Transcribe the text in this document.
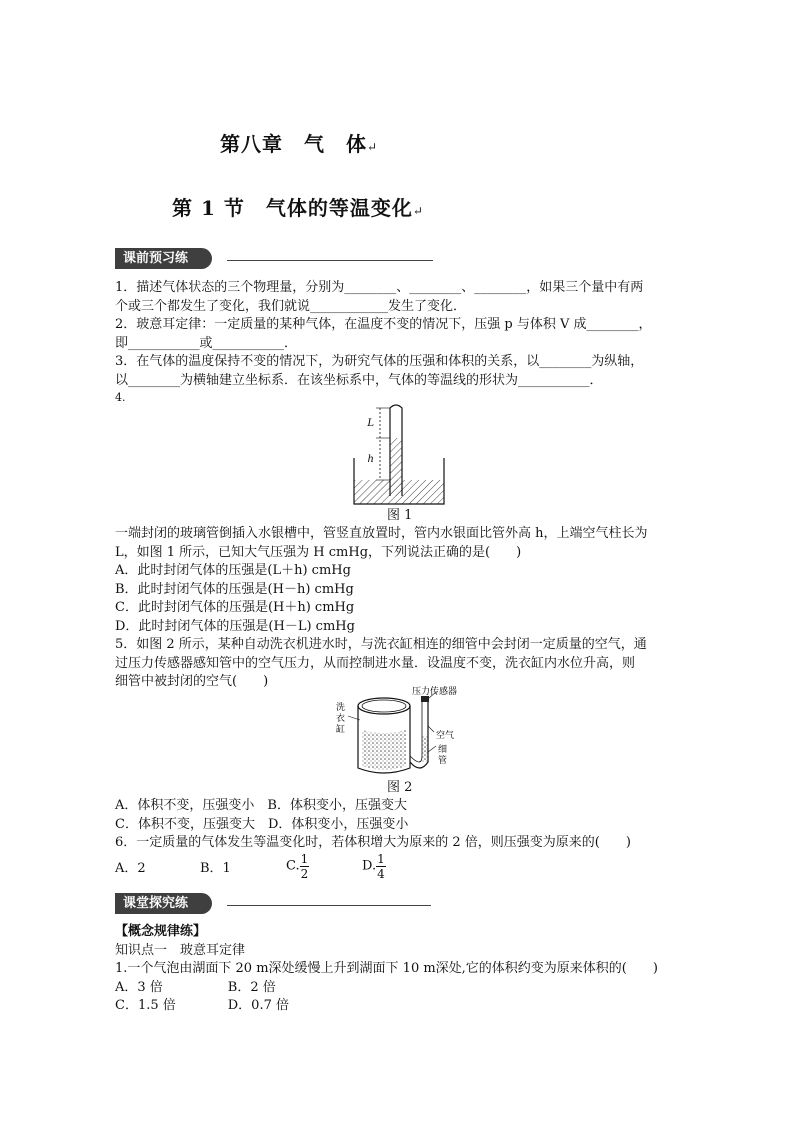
第八章　气　体↵
第 1 节　气体的等温变化↵
课前预习练
1．描述气体状态的三个物理量，分别为________、________、________，如果三个量中有两
个或三个都发生了变化，我们就说____________发生了变化．
2．玻意耳定律：一定质量的某种气体，在温度不变的情况下，压强 p 与体积 V 成________，
即___________或___________．
3．在气体的温度保持不变的情况下，为研究气体的压强和体积的关系，以________为纵轴，
以________为横轴建立坐标系．在该坐标系中，气体的等温线的形状为___________．
4.
L
h
图 1
一端封闭的玻璃管倒插入水银槽中，管竖直放置时，管内水银面比管外高 h，上端空气柱长为
L，如图 1 所示，已知大气压强为 H cmHg，下列说法正确的是(　　)
A．此时封闭气体的压强是(L＋h) cmHg
B．此时封闭气体的压强是(H－h) cmHg
C．此时封闭气体的压强是(H＋h) cmHg
D．此时封闭气体的压强是(H－L) cmHg
5．如图 2 所示，某种自动洗衣机进水时，与洗衣缸相连的细管中会封闭一定质量的空气，通
过压力传感器感知管中的空气压力，从而控制进水量．设温度不变，洗衣缸内水位升高，则
细管中被封闭的空气(　　)
压力传感器
空气
细 管
洗 衣 缸
图 2
A．体积不变，压强变小　B．体积变小，压强变大
C．体积不变，压强变大　D．体积变小，压强变小
6．一定质量的气体发生等温变化时，若体积增大为原来的 2 倍，则压强变为原来的(　　)
A．2	B．1	C. $\frac{1}{2}$	D. $\frac{1}{4}$
课堂探究练
【概念规律练】
知识点一　玻意耳定律
1.一个气泡由湖面下 20 m深处缓慢上升到湖面下 10 m深处,它的体积约变为原来体积的(　　)
A．3 倍　　　　　B．2 倍
C．1.5 倍　　　　D．0.7 倍
